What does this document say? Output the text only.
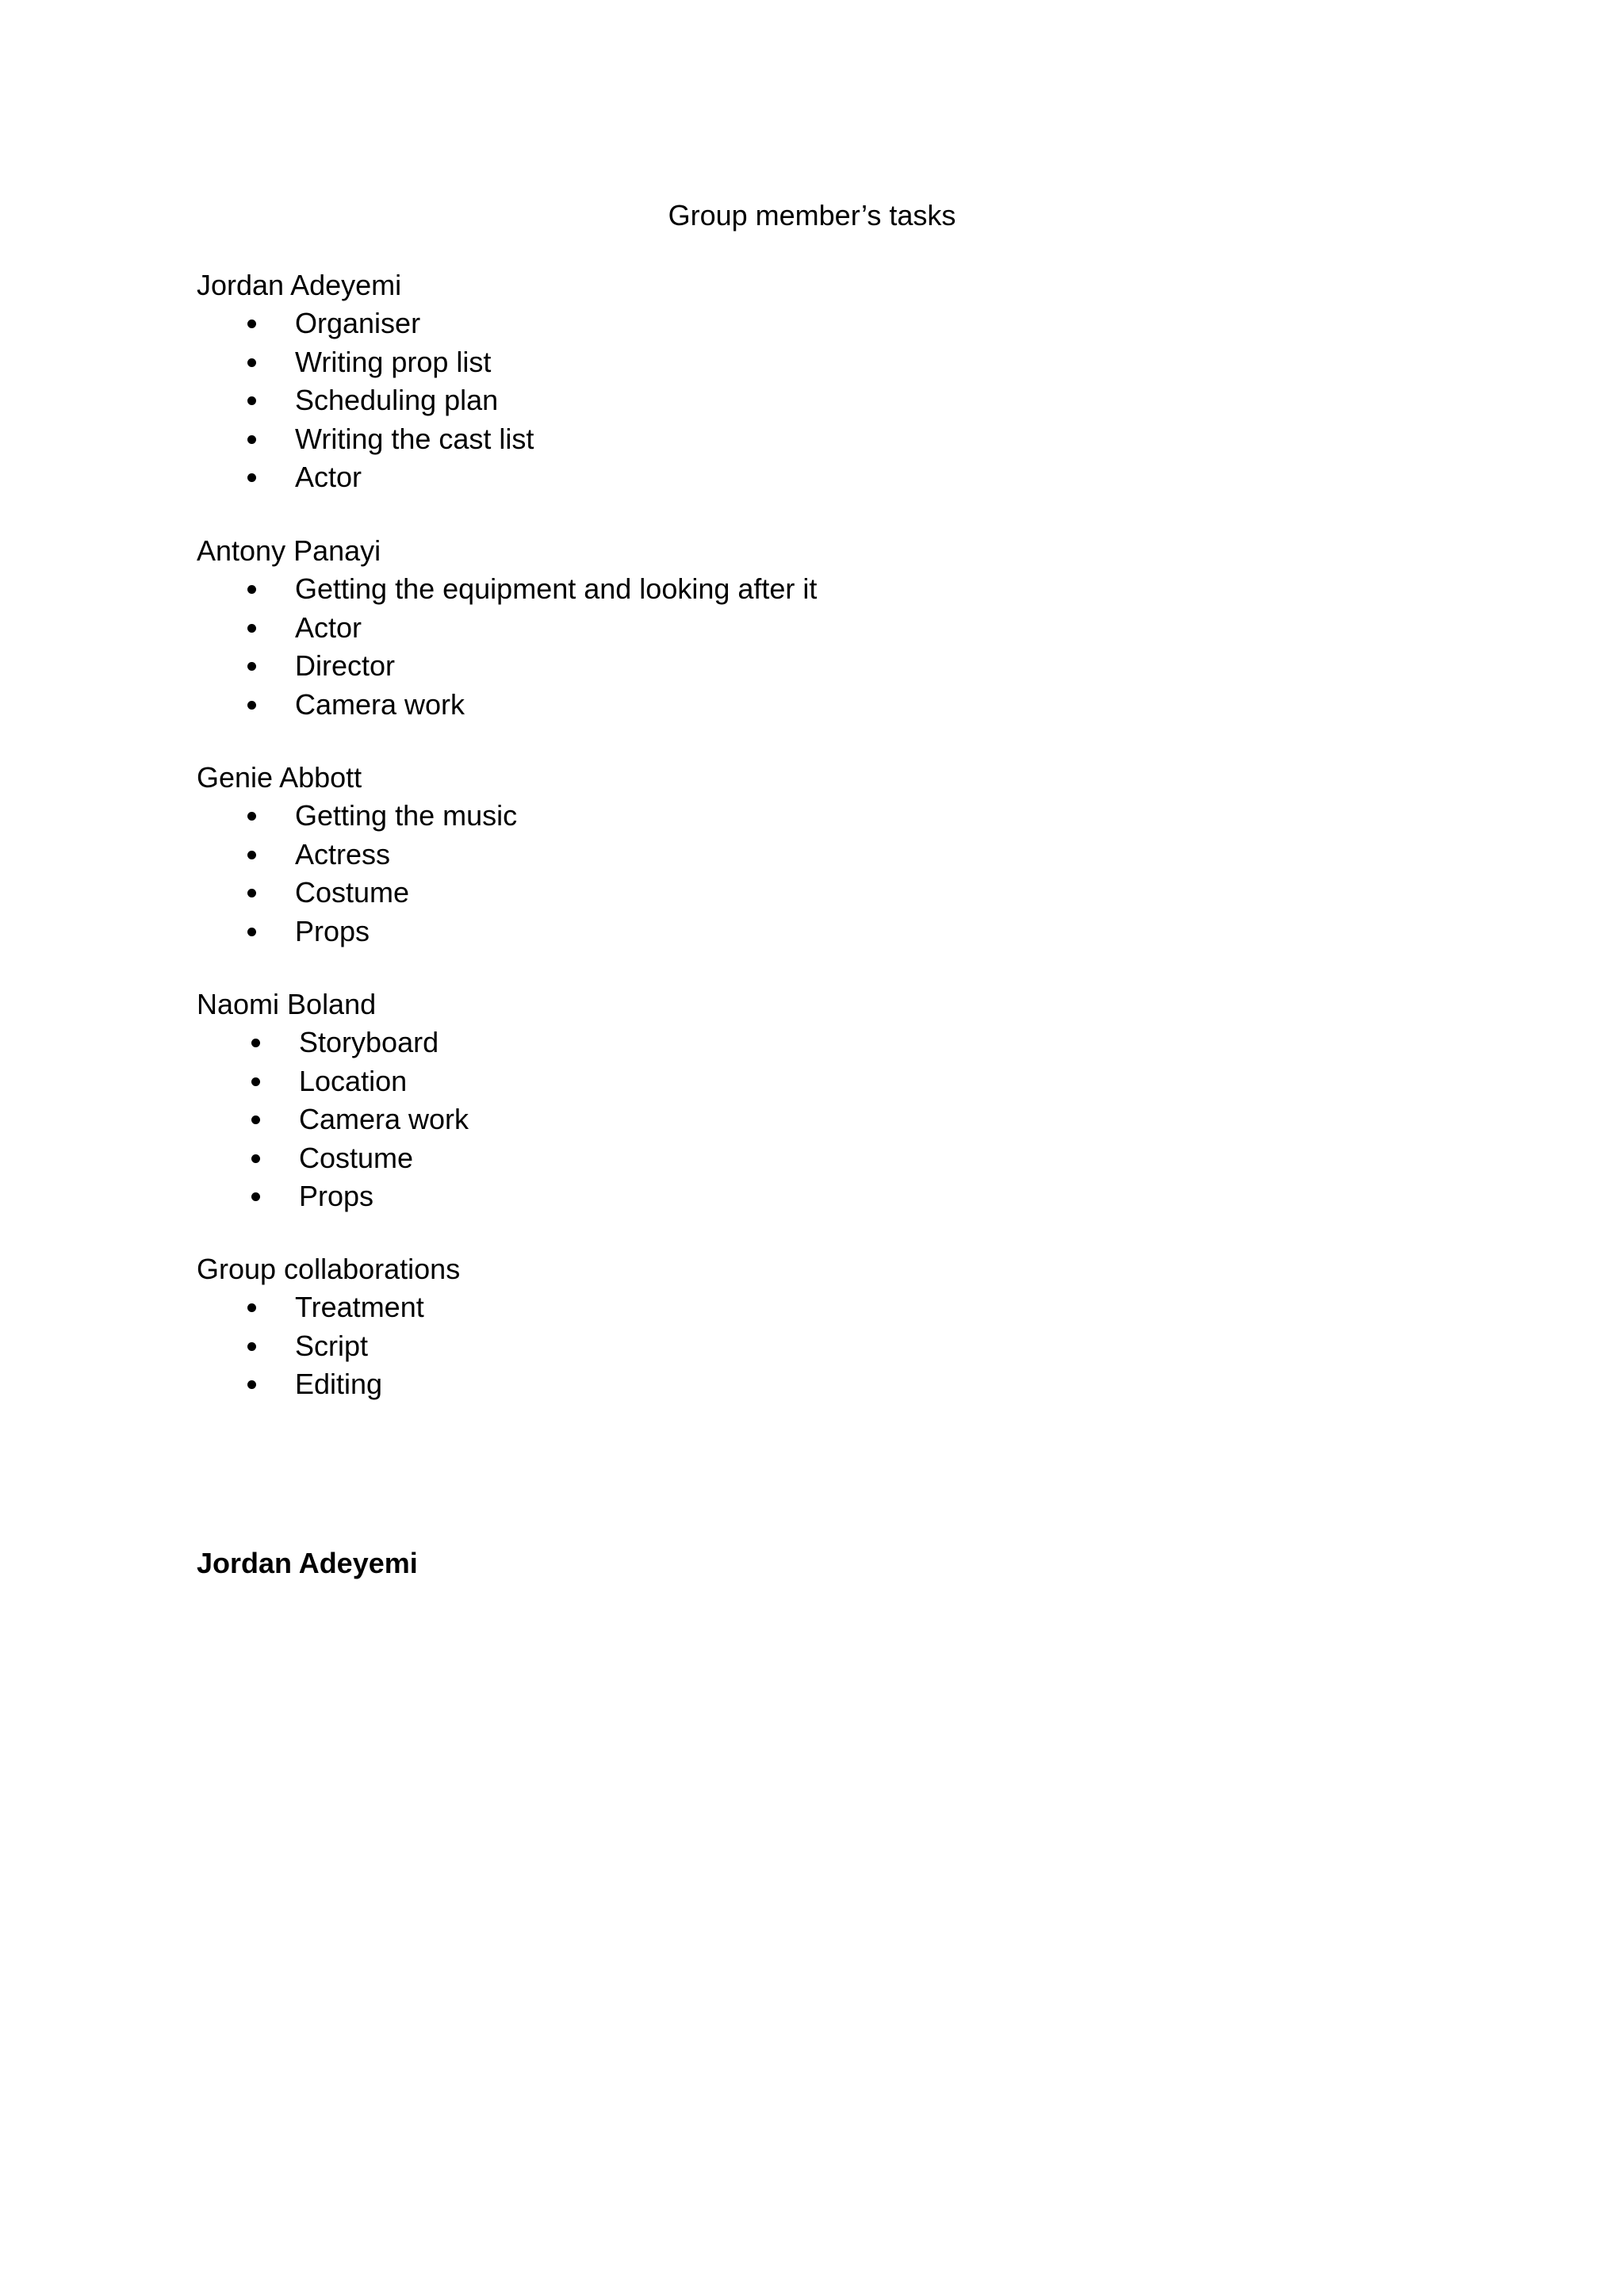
Group member’s tasks
Jordan Adeyemi
Organiser
Writing prop list
Scheduling plan
Writing the cast list
Actor
Antony Panayi
Getting the equipment and looking after it
Actor
Director
Camera work
Genie Abbott
Getting the music
Actress
Costume
Props
Naomi Boland
Storyboard
Location
Camera work
Costume
Props
Group collaborations
Treatment
Script
Editing

Jordan Adeyemi
